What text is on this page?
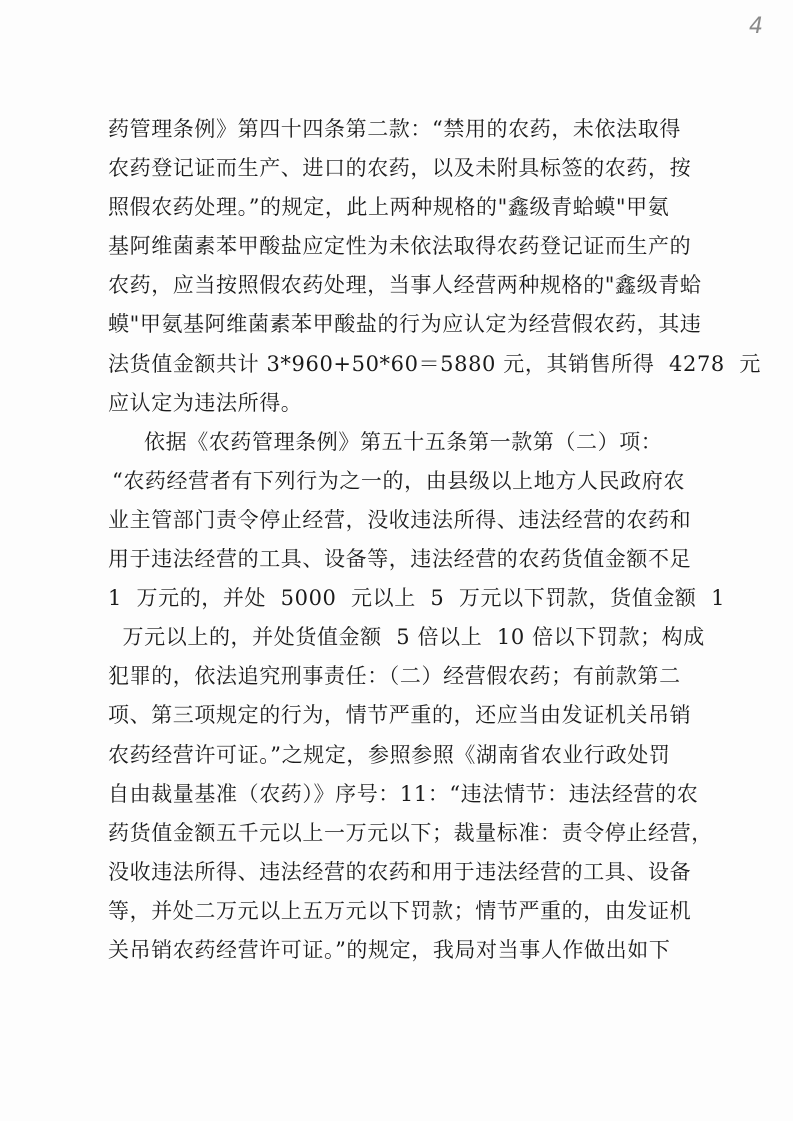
4
药管理条例》第四十四条第二款：“禁用的农药，未依法取得
农药登记证而生产、进口的农药，以及未附具标签的农药，按
照假农药处理。”的规定，此上两种规格的"鑫级青蛤蟆"甲氨
基阿维菌素苯甲酸盐应定性为未依法取得农药登记证而生产的
农药，应当按照假农药处理，当事人经营两种规格的"鑫级青蛤
蟆"甲氨基阿维菌素苯甲酸盐的行为应认定为经营假农药，其违
法货值金额共计 3*960+50*60＝5880 元，其销售所得  4278  元
应认定为违法所得。
依据《农药管理条例》第五十五条第一款第（二）项：
“农药经营者有下列行为之一的，由县级以上地方人民政府农
业主管部门责令停止经营，没收违法所得、违法经营的农药和
用于违法经营的工具、设备等，违法经营的农药货值金额不足
1  万元的，并处  5000  元以上  5  万元以下罚款，货值金额  1
万元以上的，并处货值金额  5 倍以上  10 倍以下罚款；构成
犯罪的，依法追究刑事责任：（二）经营假农药；有前款第二
项、第三项规定的行为，情节严重的，还应当由发证机关吊销
农药经营许可证。”之规定，参照参照《湖南省农业行政处罚
自由裁量基准（农药）》序号：11：“违法情节：违法经营的农
药货值金额五千元以上一万元以下；裁量标准：责令停止经营，
没收违法所得、违法经营的农药和用于违法经营的工具、设备
等，并处二万元以上五万元以下罚款；情节严重的，由发证机
关吊销农药经营许可证。”的规定，我局对当事人作做出如下
